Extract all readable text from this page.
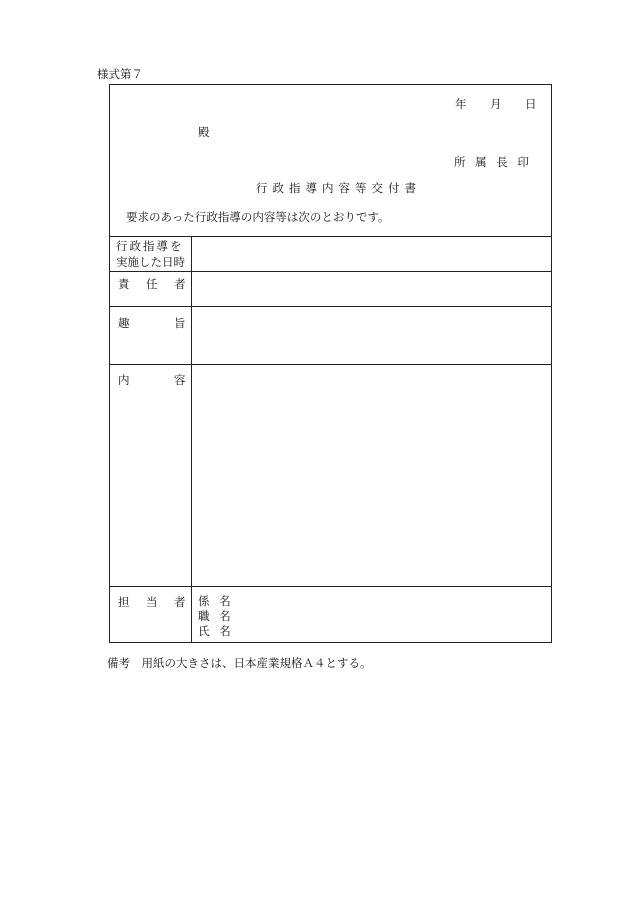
様式第７
年 月 日
殿
所 属 長 印
行政指導内容等交付書
要求のあった行政指導の内容等は次のとおりです。
行政指導を
実施した日時
責 任 者
趣	旨
内	容
担 当 者 係 名
職 名
氏 名
備考　用紙の大きさは、日本産業規格Ａ４とする。
